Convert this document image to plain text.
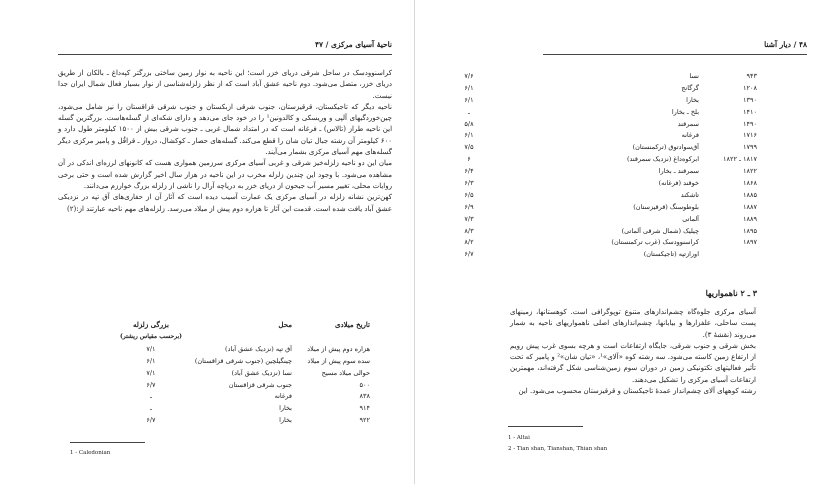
ناحیهٔ آسیای مرکزی / ۴۷

کراسنوودسک در ساحل شرقی دریای خزر است؛ این ناحیه به نوار زمین ساختی بزرگتر کپه‌داغ ـ بالکان از طریق دریای خزر، متصل می‌شود. دوم ناحیه عشق آباد است که از نظر زلزله‌شناسی از نوار بسیار فعال شمال ایران جدا نیست.

ناحیه دیگر که تاجیکستان، قرقیزستان، جنوب شرقی ازبکستان و جنوب شرقی قزاقستان را نیز شامل می‌شود، چین‌خوردگیهای آلپی و وریسکی و کالدونین¹ را در خود جای می‌دهد و دارای شکه‌ای از گسله‌هاست. بزرگترین گسله این ناحیه طراز (تالاس) ـ فرغانه است که در امتداد شمال غربی ـ جنوب شرقی بیش از ۱۵۰۰ کیلومتر طول دارد و ۶۰۰ کیلومتر آن رشته جبال تیان شان را قطع می‌کند. گسله‌های حصار ـ کوکشال، درواز ـ قراقُل و پامیر مرکزی دیگر گسله‌های مهم آسیای مرکزی بشمار می‌آیند.

میان این دو ناحیه زلزله‌خیز شرقی و غربی آسیای مرکزی سرزمین همواری هست که کانونهای لرزه‌ای اندکی در آن مشاهده می‌شود. با وجود این چندین زلزله مخرب در این ناحیه در هزار سال اخیر گزارش شده است و حتی برخی روایات محلی، تغییر مسیر آب جیحون از دریای خزر به دریاچه آرال را ناشی از زلزله بزرگ خوارزم می‌دانند.

کهن‌ترین نشانه زلزله در آسیای مرکزی یک عمارت آسیب دیده است که آثار آن از حفاری‌های آق تپه در نزدیکی عشق آباد یافت شده است. قدمت این آثار تا هزاره دوم پیش از میلاد می‌رسد. زلزله‌های مهم ناحیه عبارتند از:(۲)

تاریخ میلادی	محل	بزرگی زلزله
		(برحسب مقیاس ریشتر)
هزاره دوم پیش از میلاد	آق تپه (نزدیک عشق آباد)	۷/۱
سده سوم پیش از میلاد	چینگیلچین (جنوب شرقی قزاقستان)	۶/۱
حوالی میلاد مسیح	نسا (نزدیک عشق آباد)	۷/۱
۵۰۰	جنوب شرقی قزاقستان	۶/۷
۸۳۸	فرغانه	ـ
۹۱۴	بخارا	ـ
۹۲۲	بخارا	۶/۷
1 - Caledonian
۴۸ / دیار آشنا
۹۴۳	نسا	۷/۶
۱۲۰۸	گرگانج	۶/۱
۱۳۹۰	بخارا	۶/۱
۱۴۱۰	بلخ ـ بخارا	ـ
۱۴۹۰	سمرقند	۵/۸
۱۷۱۶	فرغانه	۶/۱
۱۷۹۹	آق‌سوادتوق (ترکمنستان)	۷/۵
۱۸۱۷ ـ ۱۸۲۲	ابرکوه‌داغ (نزدیک سمرقند)	۶
۱۸۲۲	سمرقند ـ بخارا	۶/۴
۱۸۶۸	خوقند (فرغانه)	۶/۳
۱۸۸۵	تاشکند	۶/۵
۱۸۸۷	بلوطوسنگ (قرقیزستان)	۶/۹
۱۸۸۹	آلماتی	۷/۳
۱۸۹۵	چیلیک (شمال شرقی آلماتی)	۸/۳
۱۸۹۷	کراسنوودسک (غرب ترکمنستان)	۸/۲
	اورازتپه (تاجیکستان)	۶/۷
۳ ـ ۲ ناهمواریها

آسیای مرکزی جلوه‌گاه چشم‌اندازهای متنوع توپوگرافی است. کوهستانها، زمینهای پست ساحلی، علفزارها و بیابانها، چشم‌اندازهای اصلی ناهمواریهای ناحیه به شمار می‌روند (نقشهٔ ۳).

بخش شرقی و جنوب شرقی، جایگاه ارتفاعات است و هرچه بسوی غرب پیش رویم از ارتفاع زمین کاسته می‌شود. سه رشته کوه «آلای»¹، «تیان شان»² و پامیر که تحت تأثیر فعالیتهای تکتونیکی زمین در دوران سوم زمین‌شناسی شکل گرفته‌اند، مهمترین ارتفاعات آسیای مرکزی را تشکیل می‌دهند.

رشته کوههای آلای چشم‌انداز عمدهٔ تاجیکستان و قرقیزستان محسوب می‌شود. این

1 - Altai
2 - Tian shan, Tianshan, Thian shan
